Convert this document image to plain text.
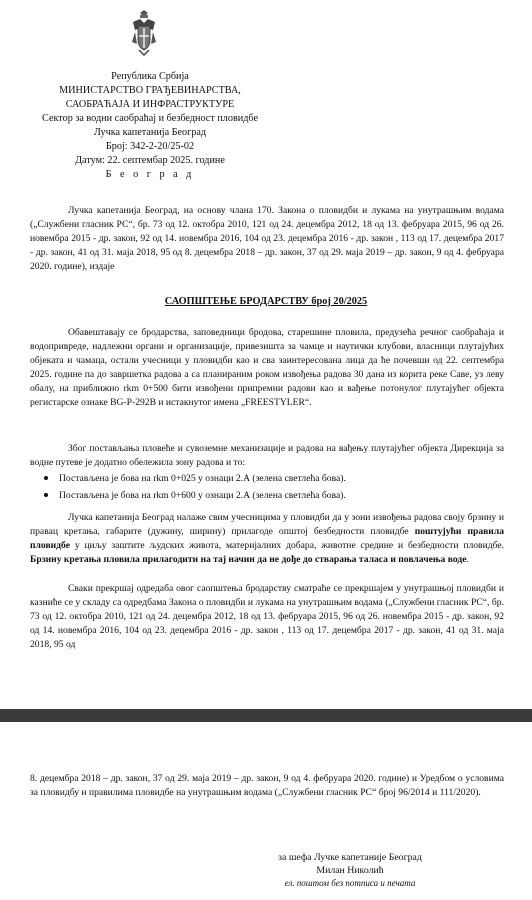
Република Србија
МИНИСТАРСТВО ГРАЂЕВИНАРСТВА,
САОБРАЋАЈА И ИНФРАСТРУКТУРЕ
Сектор за водни саобраћај и безбедност пловидбе
Лучка капетанија Београд
Број: 342-2-20/25-02
Датум: 22. септембар 2025. године
Б е о г р а д

Лучка капетанија Београд, на основу члана 170. Закона о пловидби и лукама на унутрашњим водама („Службени гласник РС“, бр. 73 од 12. октобра 2010, 121 од 24. децембра 2012, 18 од 13. фебруара 2015, 96 од 26. новембра 2015 - др. закон, 92 од 14. новембра 2016, 104 од 23. децембра 2016 - др. закон , 113 од 17. децембра 2017 - др. закон, 41 од 31. маја 2018, 95 од 8. децембра 2018 – др. закон, 37 од 29. маја 2019 – др. закон, 9 од 4. фебруара 2020. године), издаје

САОПШТЕЊЕ БРОДАРСТВУ број 20/2025

Обавештавају се бродарства, заповедници бродова, старешине пловила, предузећа речног саобраћаја и водопривреде, надлежни органи и организације, привезишта за чамце и наутички клубови, власници плутајућих објеката и чамаца, остали учесници у пловидби као и сва заинтересована лица да ће почевши од 22. септембра 2025. године па до завршетка радова а са планираним роком извођења радова 30 дана из корита реке Саве, уз леву обалу, на приближно rkm 0+500 бити извођени припремни радови као и вађење потонулог плутајућег објекта регистарске ознаке BG-P-292B и истакнутог имена „FREESTYLER“.

Због постављања пловеће и сувоземне механизације и радова на вађењу плутајућег објекта Дирекција за водне путеве је додатно обележила зону радова и то:

Постављена је бова на rkm 0+025 у ознаци 2.А (зелена светлећа бова).
Постављена је бова на rkm 0+600 у ознаци 2.А (зелена светлећа бова).

Лучка капетанија Београд налаже свим учесницима у пловидби да у зони извођења радова своју брзину и правац кретања, габарите (дужину, ширину) прилагоде општој безбедности пловидбе поштујући правила пловидбе у циљу заштите људских живота, материјалних добара, животне средине и безбедности пловидбе. Брзину кретања пловила прилагодити на тај начин да не дође до стварања таласа и повлачења воде.

Сваки прекршај одредаба овог саопштења бродарству сматраће се прекршајем у унутрашњој пловидби и казниће се у складу са одредбама Закона о пловидби и лукама на унутрашњим водама („Службени гласник РС“, бр. 73 од 12. октобра 2010, 121 од 24. децембра 2012, 18 од 13. фебруара 2015, 96 од 26. новембра 2015 - др. закон, 92 од 14. новембра 2016, 104 од 23. децембра 2016 - др. закон , 113 од 17. децембра 2017 - др. закон, 41 од 31. маја 2018, 95 од

8. децембра 2018 – др. закон, 37 од 29. маја 2019 – др. закон, 9 од 4. фебруара 2020. године) и Уредбом о условима за пловидбу и правилима пловидбе на унутрашњим водама („Службени гласник РС“ број 96/2014 и 111/2020).

за шефа Лучке капетаније Београд
Милан Николић
ел. поштом без потписа и печата
